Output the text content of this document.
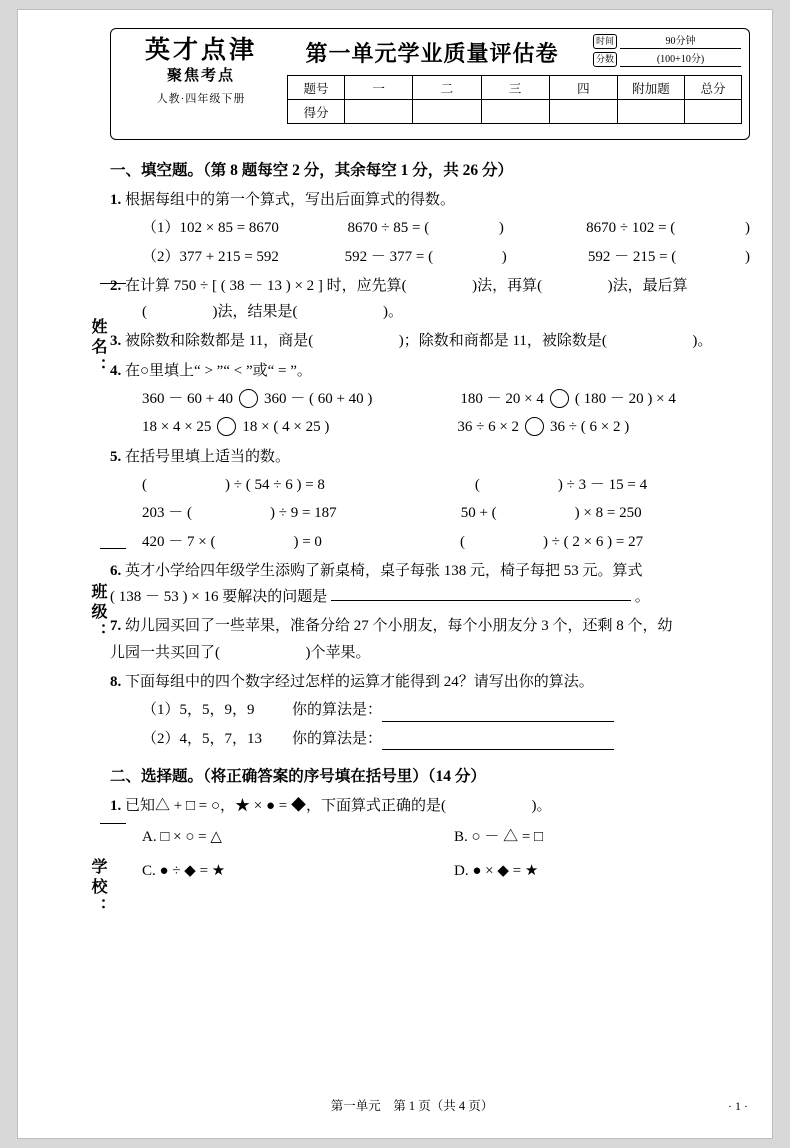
姓名：
班级：
学校：
英才点津
聚焦考点
人教·四年级下册
第一单元学业质量评估卷	时间	90分钟
分数	(100+10分)
题号	一	二	三	四	附加题	总分
得分						
一、填空题。（第 8 题每空 2 分，其余每空 1 分，共 26 分）
1. 根据每组中的第一个算式，写出后面算式的得数。
（1）102 × 85 = 8670	8670 ÷ 85 = (	)	8670 ÷ 102 = (	)
（2）377 + 215 = 592	592 － 377 = (	)	592 － 215 = (	)
2. 在计算 750 ÷ [ ( 38 － 13 ) × 2 ] 时，应先算(	)法，再算(	)法，最后算
(	)法，结果是(	)。
3. 被除数和除数都是 11，商是(	)；除数和商都是 11，被除数是(	)。
4. 在○里填上“ > ”“ < ”或“ = ”。
360 － 60 + 40 360 － ( 60 + 40 )	180 － 20 × 4 ( 180 － 20 ) × 4
18 × 4 × 25 18 × ( 4 × 25 )	36 ÷ 6 × 2 36 ÷ ( 6 × 2 )
5. 在括号里填上适当的数。
(	) ÷ ( 54 ÷ 6 ) = 8	(	) ÷ 3 － 15 = 4
203 － (	) ÷ 9 = 187	50 + (	) × 8 = 250
420 － 7 × (	) = 0	(	) ÷ ( 2 × 6 ) = 27
6. 英才小学给四年级学生添购了新桌椅，桌子每张 138 元，椅子每把 53 元。算式
( 138 － 53 ) × 16 要解决的问题是	。
7. 幼儿园买回了一些苹果，准备分给 27 个小朋友，每个小朋友分 3 个，还剩 8 个，幼
儿园一共买回了(	)个苹果。
8. 下面每组中的四个数字经过怎样的运算才能得到 24？请写出你的算法。
（1）5，5，9，9	你的算法是：
（2）4，5，7，13	你的算法是：
二、选择题。（将正确答案的序号填在括号里）（14 分）
1. 已知△ + □ = ○，★ × ● = ◆，下面算式正确的是(	)。
A. □ × ○ = △	B. ○ － △ = □
C. ● ÷ ◆ = ★	D. ● × ◆ = ★
第一单元　第 1 页（共 4 页）	· 1 ·
